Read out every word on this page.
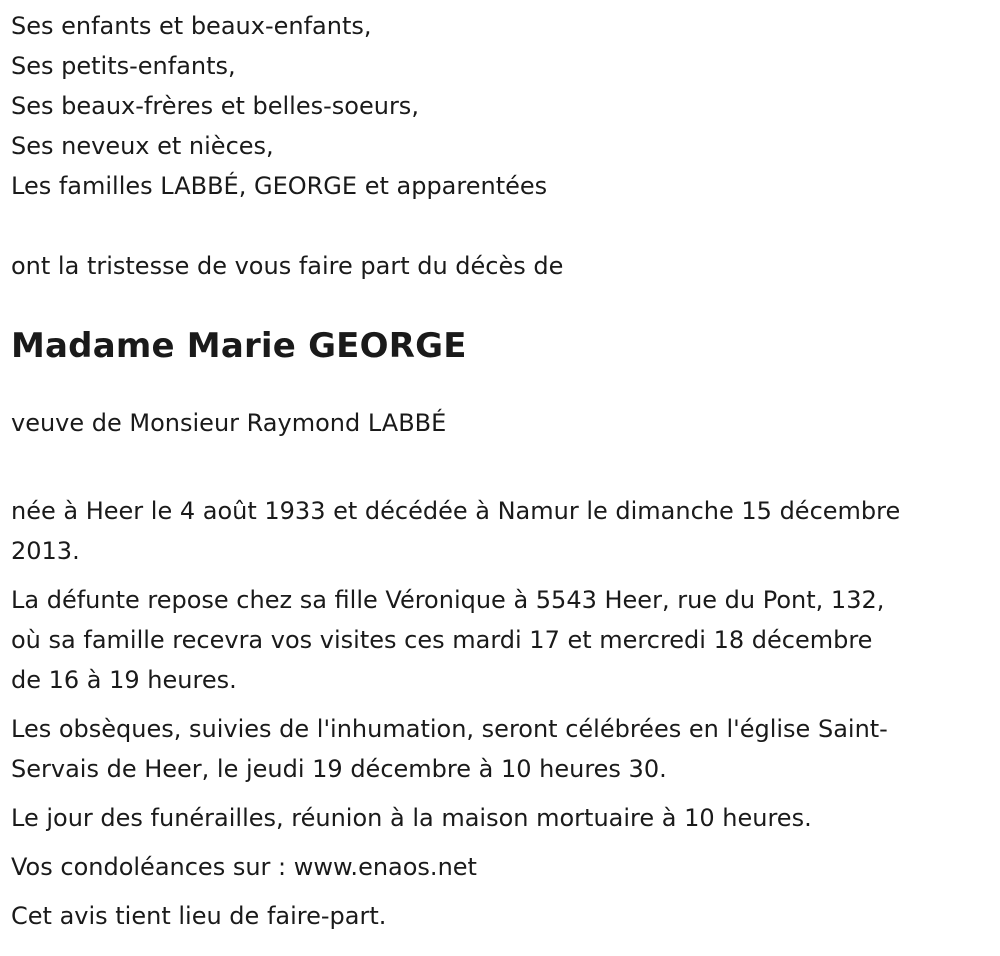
Ses enfants et beaux-enfants,
Ses petits-enfants,
Ses beaux-frères et belles-soeurs,
Ses neveux et nièces,
Les familles LABBÉ, GEORGE et apparentées
ont la tristesse de vous faire part du décès de
Madame Marie GEORGE
veuve de Monsieur Raymond LABBÉ
née à Heer le 4 août 1933 et décédée à Namur le dimanche 15 décembre
2013.
La défunte repose chez sa fille Véronique à 5543 Heer, rue du Pont, 132,
où sa famille recevra vos visites ces mardi 17 et mercredi 18 décembre
de 16 à 19 heures.
Les obsèques, suivies de l'inhumation, seront célébrées en l'église Saint-
Servais de Heer, le jeudi 19 décembre à 10 heures 30.
Le jour des funérailles, réunion à la maison mortuaire à 10 heures.
Vos condoléances sur : www.enaos.net
Cet avis tient lieu de faire-part.
